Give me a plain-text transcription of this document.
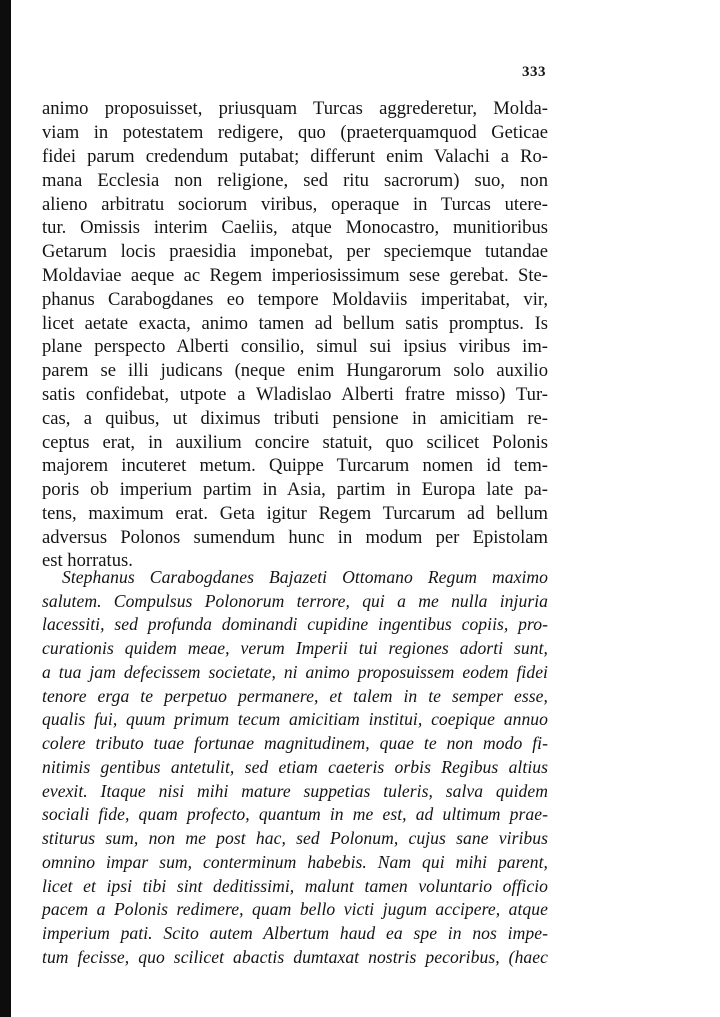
333
animo proposuisset, priusquam Turcas aggrederetur, Molda-
viam in potestatem redigere, quo (praeterquamquod Geticae
fidei parum credendum putabat; differunt enim Valachi a Ro-
mana Ecclesia non religione, sed ritu sacrorum) suo, non
alieno arbitratu sociorum viribus, operaque in Turcas utere-
tur. Omissis interim Caeliis, atque Monocastro, munitioribus
Getarum locis praesidia imponebat, per speciemque tutandae
Moldaviae aeque ac Regem imperiosissimum sese gerebat. Ste-
phanus Carabogdanes eo tempore Moldaviis imperitabat, vir,
licet aetate exacta, animo tamen ad bellum satis promptus. Is
plane perspecto Alberti consilio, simul sui ipsius viribus im-
parem se illi judicans (neque enim Hungarorum solo auxilio
satis confidebat, utpote a Wladislao Alberti fratre misso) Tur-
cas, a quibus, ut diximus tributi pensione in amicitiam re-
ceptus erat, in auxilium concire statuit, quo scilicet Polonis
majorem incuteret metum. Quippe Turcarum nomen id tem-
poris ob imperium partim in Asia, partim in Europa late pa-
tens, maximum erat. Geta igitur Regem Turcarum ad bellum
adversus Polonos sumendum hunc in modum per Epistolam
est horratus.
Stephanus Carabogdanes Bajazeti Ottomano Regum maximo
salutem. Compulsus Polonorum terrore, qui a me nulla injuria
lacessiti, sed profunda dominandi cupidine ingentibus copiis, pro-
curationis quidem meae, verum Imperii tui regiones adorti sunt,
a tua jam defecissem societate, ni animo proposuissem eodem fidei
tenore erga te perpetuo permanere, et talem in te semper esse,
qualis fui, quum primum tecum amicitiam institui, coepique annuo
colere tributo tuae fortunae magnitudinem, quae te non modo fi-
nitimis gentibus antetulit, sed etiam caeteris orbis Regibus altius
evexit. Itaque nisi mihi mature suppetias tuleris, salva quidem
sociali fide, quam profecto, quantum in me est, ad ultimum prae-
stiturus sum, non me post hac, sed Polonum, cujus sane viribus
omnino impar sum, conterminum habebis. Nam qui mihi parent,
licet et ipsi tibi sint deditissimi, malunt tamen voluntario officio
pacem a Polonis redimere, quam bello victi jugum accipere, atque
imperium pati. Scito autem Albertum haud ea spe in nos impe-
tum fecisse, quo scilicet abactis dumtaxat nostris pecoribus, (haec
